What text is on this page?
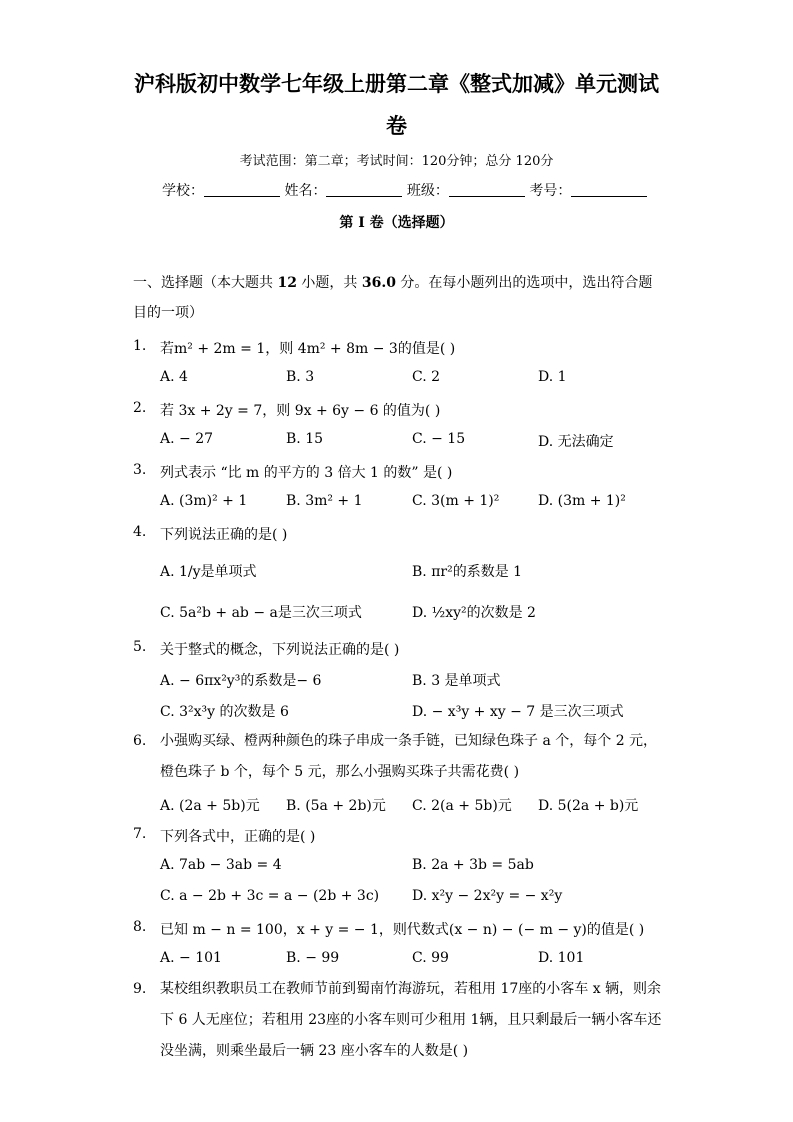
沪科版初中数学七年级上册第二章《整式加减》单元测试
卷
考试范围：第二章；考试时间：120分钟；总分 120分
学校：	姓名：	班级：	考号：
第 I 卷（选择题）
一、选择题（本大题共 12 小题，共 36.0 分。在每小题列出的选项中，选出符合题目的一项）
1. 若m² + 2m = 1，则 4m² + 8m − 3的值是( )
A. 4	B. 3	C. 2	D. 1
2. 若 3x + 2y = 7，则 9x + 6y − 6 的值为( )
A. − 27	B. 15	C. − 15	D. 无法确定
3. 列式表示 “比 m 的平方的 3 倍大 1 的数” 是( )
A. (3m)² + 1	B. 3m² + 1	C. 3(m + 1)²	D. (3m + 1)²
4. 下列说法正确的是( )
A. 1/y是单项式	B. πr²的系数是 1
C. 5a²b + ab − a是三次三项式	D. ½xy²的次数是 2
5. 关于整式的概念，下列说法正确的是( )
A. − 6πx²y³的系数是− 6	B. 3 是单项式
C. 3²x³y 的次数是 6	D. − x³y + xy − 7 是三次三项式
6. 小强购买绿、橙两种颜色的珠子串成一条手链，已知绿色珠子 a 个，每个 2 元，橙色珠子 b 个，每个 5 元，那么小强购买珠子共需花费( )
A. (2a + 5b)元 B. (5a + 2b)元 C. 2(a + 5b)元 D. 5(2a + b)元
7. 下列各式中，正确的是( )
A. 7ab − 3ab = 4	B. 2a + 3b = 5ab
C. a − 2b + 3c = a − (2b + 3c) D. x²y − 2x²y = − x²y
8. 已知 m − n = 100，x + y = − 1，则代数式(x − n) − (− m − y)的值是( )
A. − 101	B. − 99	C. 99	D. 101
9. 某校组织教职员工在教师节前到蜀南竹海游玩，若租用 17座的小客车 x 辆，则余下 6 人无座位；若租用 23座的小客车则可少租用 1辆，且只剩最后一辆小客车还没坐满，则乘坐最后一辆 23 座小客车的人数是( )
